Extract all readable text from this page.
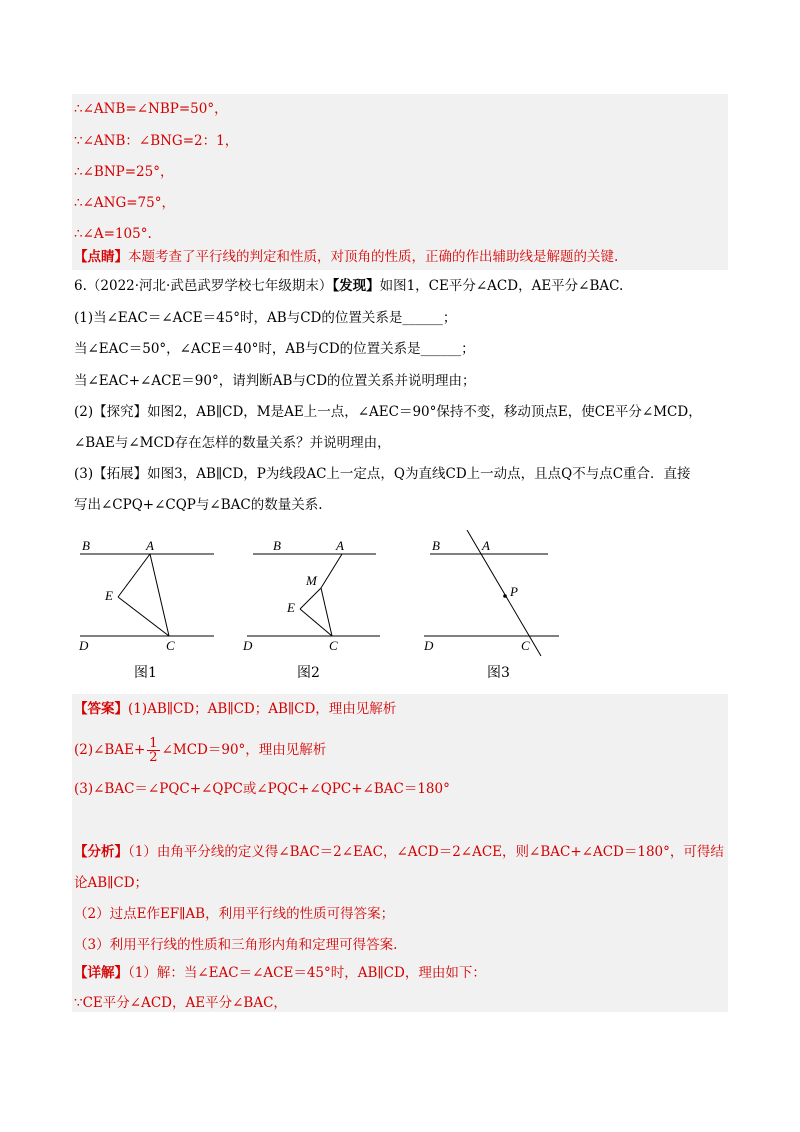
∴∠ANB=∠NBP=50°，
∵∠ANB：∠BNG=2：1，
∴∠BNP=25°，
∴∠ANG=75°，
∴∠A=105°.
【点睛】本题考查了平行线的判定和性质，对顶角的性质，正确的作出辅助线是解题的关键.
6.（2022·河北·武邑武罗学校七年级期末）【发现】如图1，CE平分∠ACD，AE平分∠BAC.
(1)当∠EAC＝∠ACE＝45°时，AB与CD的位置关系是______；
当∠EAC＝50°，∠ACE＝40°时，AB与CD的位置关系是______；
当∠EAC+∠ACE＝90°，请判断AB与CD的位置关系并说明理由；
(2)【探究】如图2，AB∥CD，M是AE上一点，∠AEC＝90°保持不变，移动顶点E，使CE平分∠MCD，
∠BAE与∠MCD存在怎样的数量关系？并说明理由，
(3)【拓展】如图3，AB∥CD，P为线段AC上一定点，Q为直线CD上一动点，且点Q不与点C重合．直接
写出∠CPQ+∠CQP与∠BAC的数量关系.
B	A
E
D	C
B	A
M
E
D	C
B	A
P
D	C
图1	图2	图3
【答案】(1)AB∥CD；AB∥CD；AB∥CD，理由见解析
(2)∠BAE+ $\frac{1}{2}$ ∠MCD＝90°，理由见解析
(3)∠BAC＝∠PQC+∠QPC或∠PQC+∠QPC+∠BAC＝180°
【分析】（1）由角平分线的定义得∠BAC＝2∠EAC，∠ACD＝2∠ACE，则∠BAC+∠ACD＝180°，可得结
论AB∥CD；
（2）过点E作EF∥AB，利用平行线的性质可得答案；
（3）利用平行线的性质和三角形内角和定理可得答案.
【详解】（1）解：当∠EAC＝∠ACE＝45°时，AB∥CD，理由如下：
∵CE平分∠ACD，AE平分∠BAC，
